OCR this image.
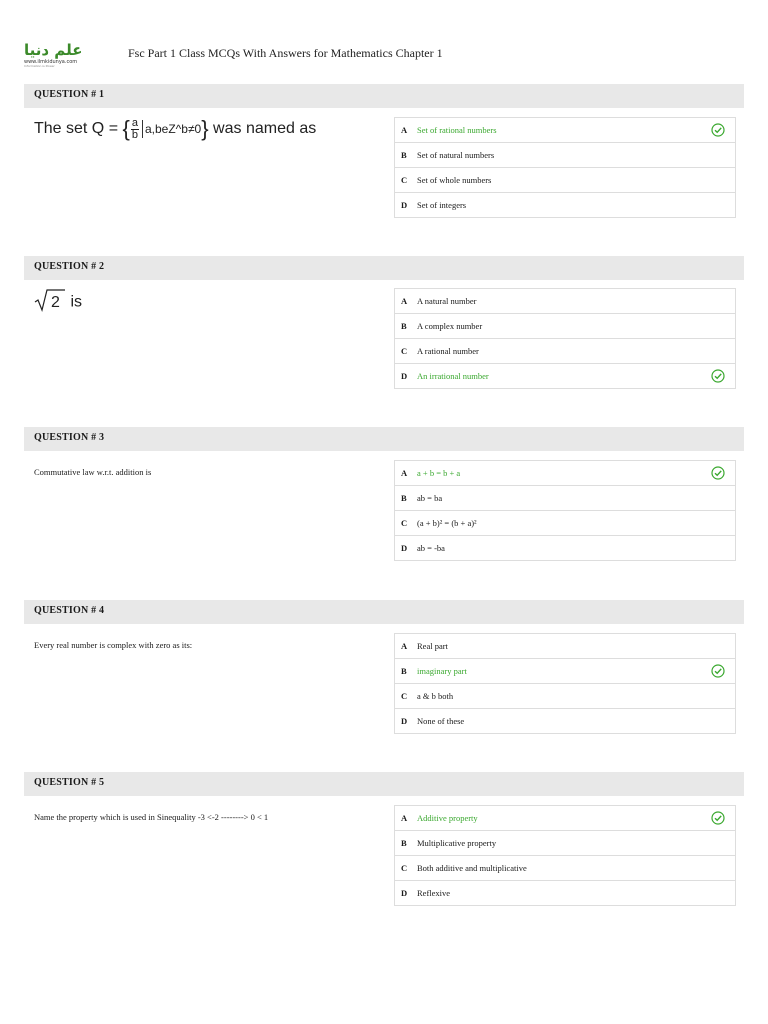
علم دنیا
www.ilmkidunya.com
Information is Power
Fsc Part 1 Class MCQs With Answers for Mathematics Chapter 1
QUESTION # 1
The set Q = { $\frac{a}{b}$ a,beZ^b≠0} was named as	A Set of rational numbers
B Set of natural numbers
C Set of whole numbers
D Set of integers
QUESTION # 2
2 is	A A natural number
B A complex number
C A rational number
D An irrational number
QUESTION # 3
Commutative law w.r.t. addition is	A a + b = b + a
B ab = ba
C (a + b)² = (b + a)²
D ab = -ba
QUESTION # 4
Every real number is complex with zero as its:	A Real part
B imaginary part
C a & b both
D None of these
QUESTION # 5
Name the property which is used in Sinequality -3 <-2 --------> 0 < 1	A Additive property
B Multiplicative property
C Both additive and multiplicative
D Reflexive
